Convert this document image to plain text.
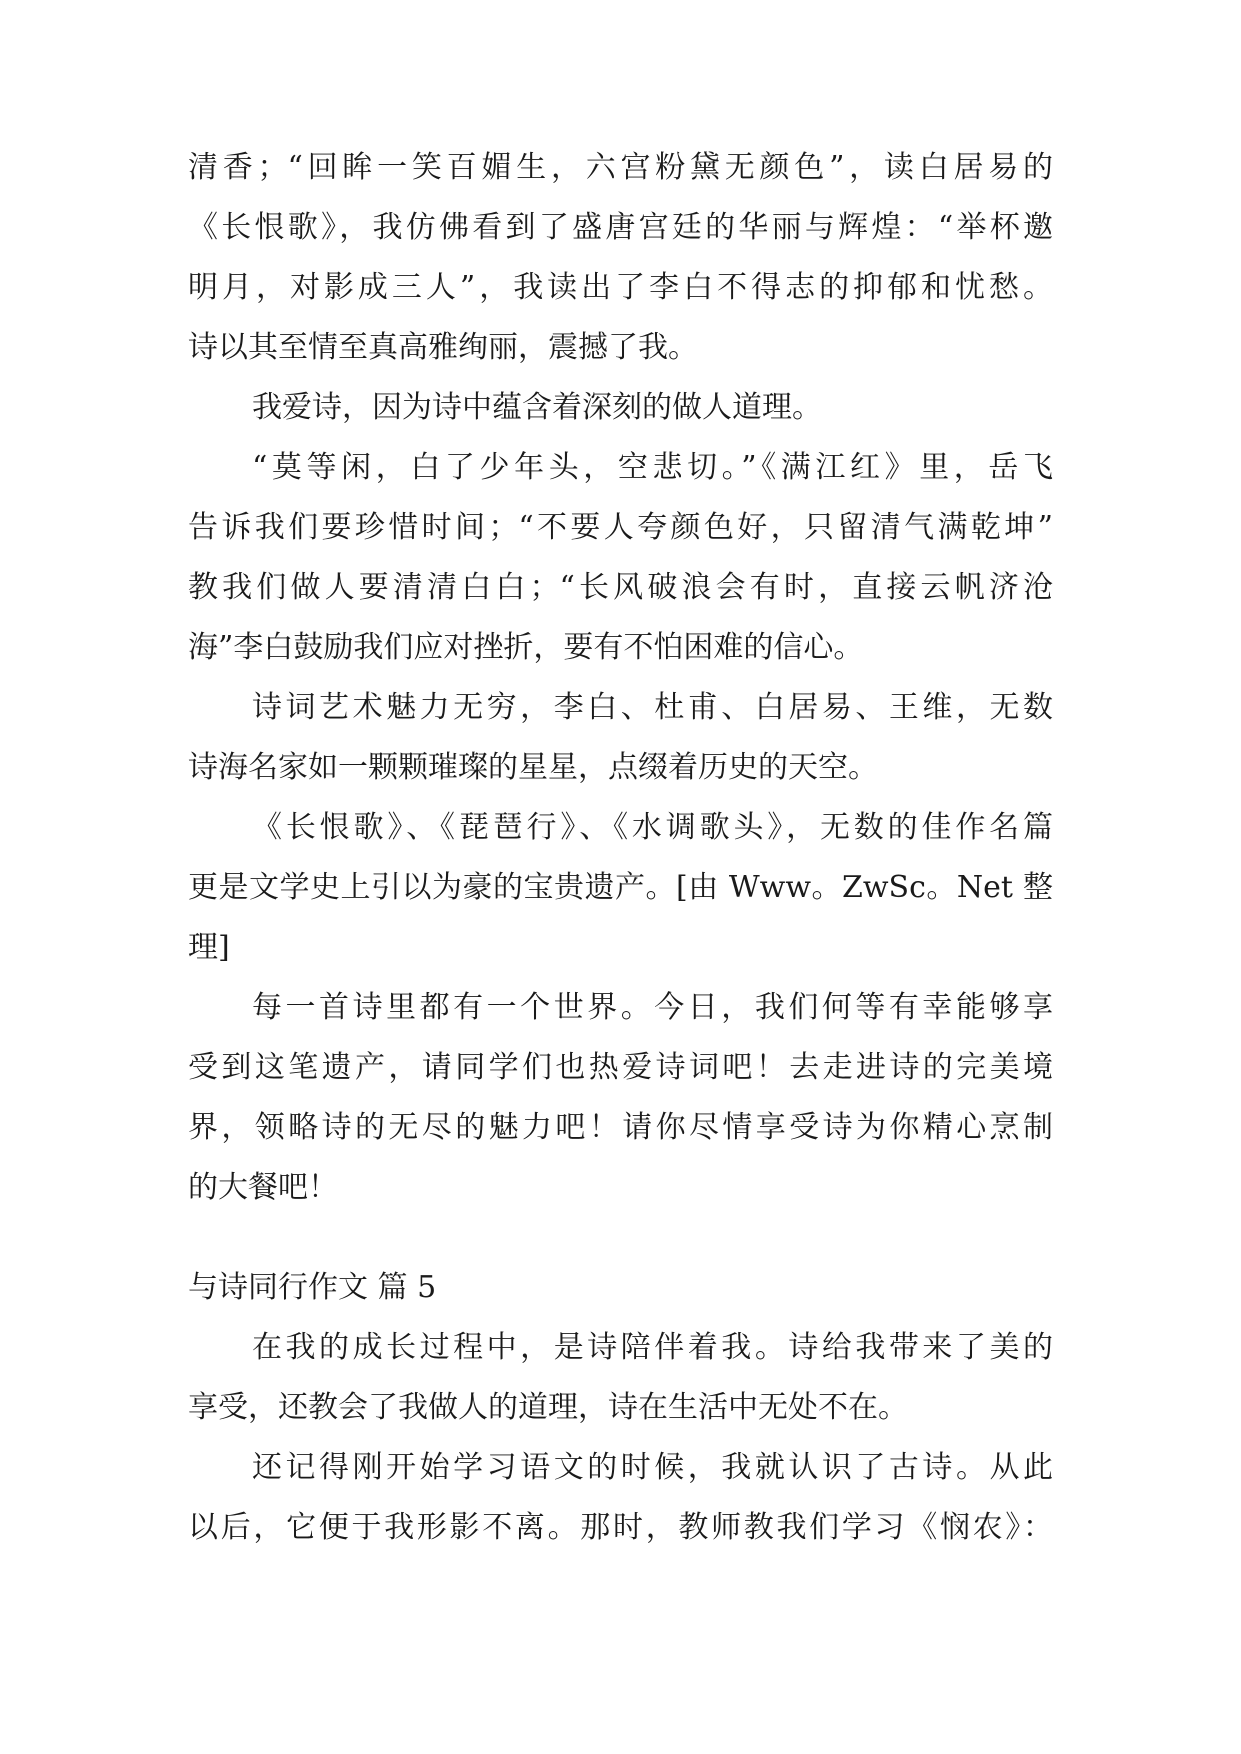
清香；“回眸一笑百媚生，六宫粉黛无颜色”，读白居易的
《长恨歌》，我仿佛看到了盛唐宫廷的华丽与辉煌：“举杯邀
明月，对影成三人”，我读出了李白不得志的抑郁和忧愁。
诗以其至情至真高雅绚丽，震撼了我。
我爱诗，因为诗中蕴含着深刻的做人道理。
“莫等闲，白了少年头，空悲切。”《满江红》里，岳飞
告诉我们要珍惜时间；“不要人夸颜色好，只留清气满乾坤”
教我们做人要清清白白；“长风破浪会有时，直接云帆济沧
海”李白鼓励我们应对挫折，要有不怕困难的信心。
诗词艺术魅力无穷，李白、杜甫、白居易、王维，无数
诗海名家如一颗颗璀璨的星星，点缀着历史的天空。
《长恨歌》、《琵琶行》、《水调歌头》，无数的佳作名篇
更是文学史上引以为豪的宝贵遗产。[由 Www。ZwSc。Net 整
理]
每一首诗里都有一个世界。今日，我们何等有幸能够享
受到这笔遗产，请同学们也热爱诗词吧！去走进诗的完美境
界，领略诗的无尽的魅力吧！请你尽情享受诗为你精心烹制
的大餐吧！
与诗同行作文 篇 5
在我的成长过程中，是诗陪伴着我。诗给我带来了美的
享受，还教会了我做人的道理，诗在生活中无处不在。
还记得刚开始学习语文的时候，我就认识了古诗。从此
以后，它便于我形影不离。那时，教师教我们学习《悯农》：
